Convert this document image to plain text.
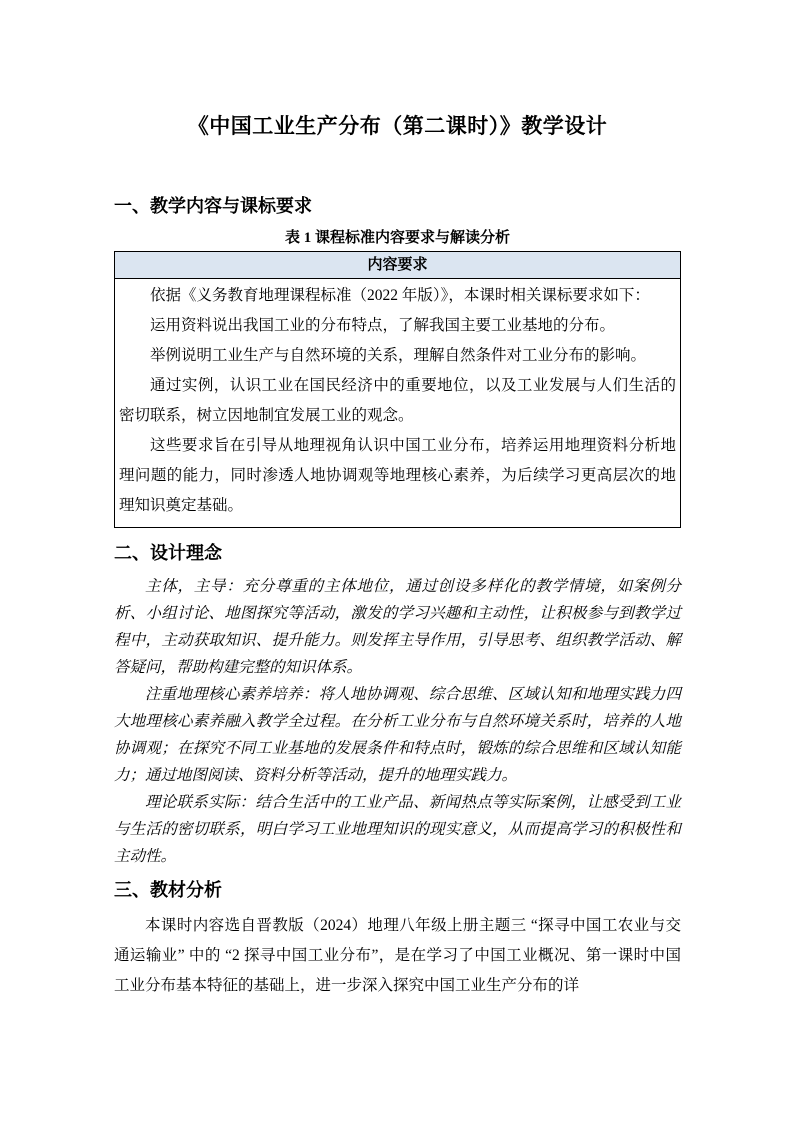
《中国工业生产分布（第二课时）》教学设计
一、教学内容与课标要求
表 1 课程标准内容要求与解读分析
内容要求

依据《义务教育地理课程标准（2022 年版）》，本课时相关课标要求如下：

运用资料说出我国工业的分布特点，了解我国主要工业基地的分布。

举例说明工业生产与自然环境的关系，理解自然条件对工业分布的影响。

通过实例，认识工业在国民经济中的重要地位，以及工业发展与人们生活的密切联系，树立因地制宜发展工业的观念。

这些要求旨在引导从地理视角认识中国工业分布，培养运用地理资料分析地理问题的能力，同时渗透人地协调观等地理核心素养，为后续学习更高层次的地理知识奠定基础。

二、设计理念

主体，主导：充分尊重的主体地位，通过创设多样化的教学情境，如案例分析、小组讨论、地图探究等活动，激发的学习兴趣和主动性，让积极参与到教学过程中，主动获取知识、提升能力。则发挥主导作用，引导思考、组织教学活动、解答疑问，帮助构建完整的知识体系。

注重地理核心素养培养：将人地协调观、综合思维、区域认知和地理实践力四大地理核心素养融入教学全过程。在分析工业分布与自然环境关系时，培养的人地协调观；在探究不同工业基地的发展条件和特点时，锻炼的综合思维和区域认知能力；通过地图阅读、资料分析等活动，提升的地理实践力。

理论联系实际：结合生活中的工业产品、新闻热点等实际案例，让感受到工业与生活的密切联系，明白学习工业地理知识的现实意义，从而提高学习的积极性和主动性。

三、教材分析

本课时内容选自晋教版（2024）地理八年级上册主题三 “探寻中国工农业与交通运输业” 中的 “2 探寻中国工业分布”，是在学习了中国工业概况、第一课时中国工业分布基本特征的基础上，进一步深入探究中国工业生产分布的详
